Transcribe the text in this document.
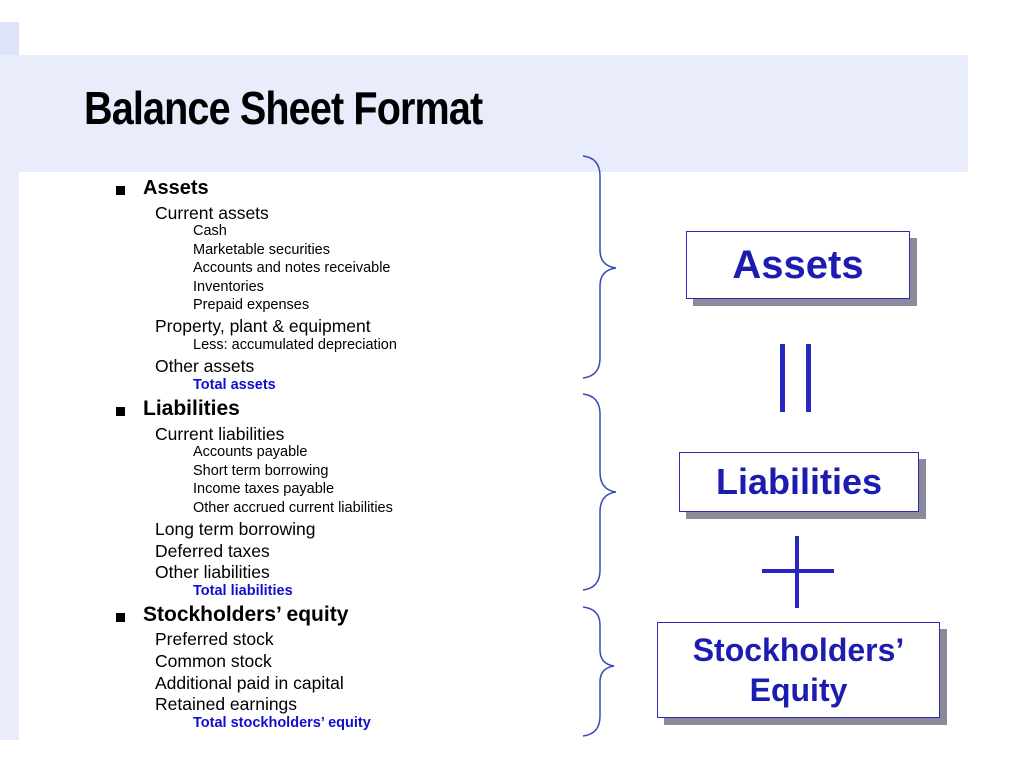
Balance Sheet Format
Assets
Current assets
Cash
Marketable securities
Accounts and notes receivable
Inventories
Prepaid expenses
Property, plant & equipment
Less: accumulated depreciation
Other assets
Total assets
Liabilities
Current liabilities
Accounts payable
Short term borrowing
Income taxes payable
Other accrued current liabilities
Long term borrowing
Deferred taxes
Other liabilities
Total liabilities
Stockholders’ equity
Preferred stock
Common stock
Additional paid in capital
Retained earnings
Total stockholders’ equity
Assets
Liabilities
Stockholders’
Equity
